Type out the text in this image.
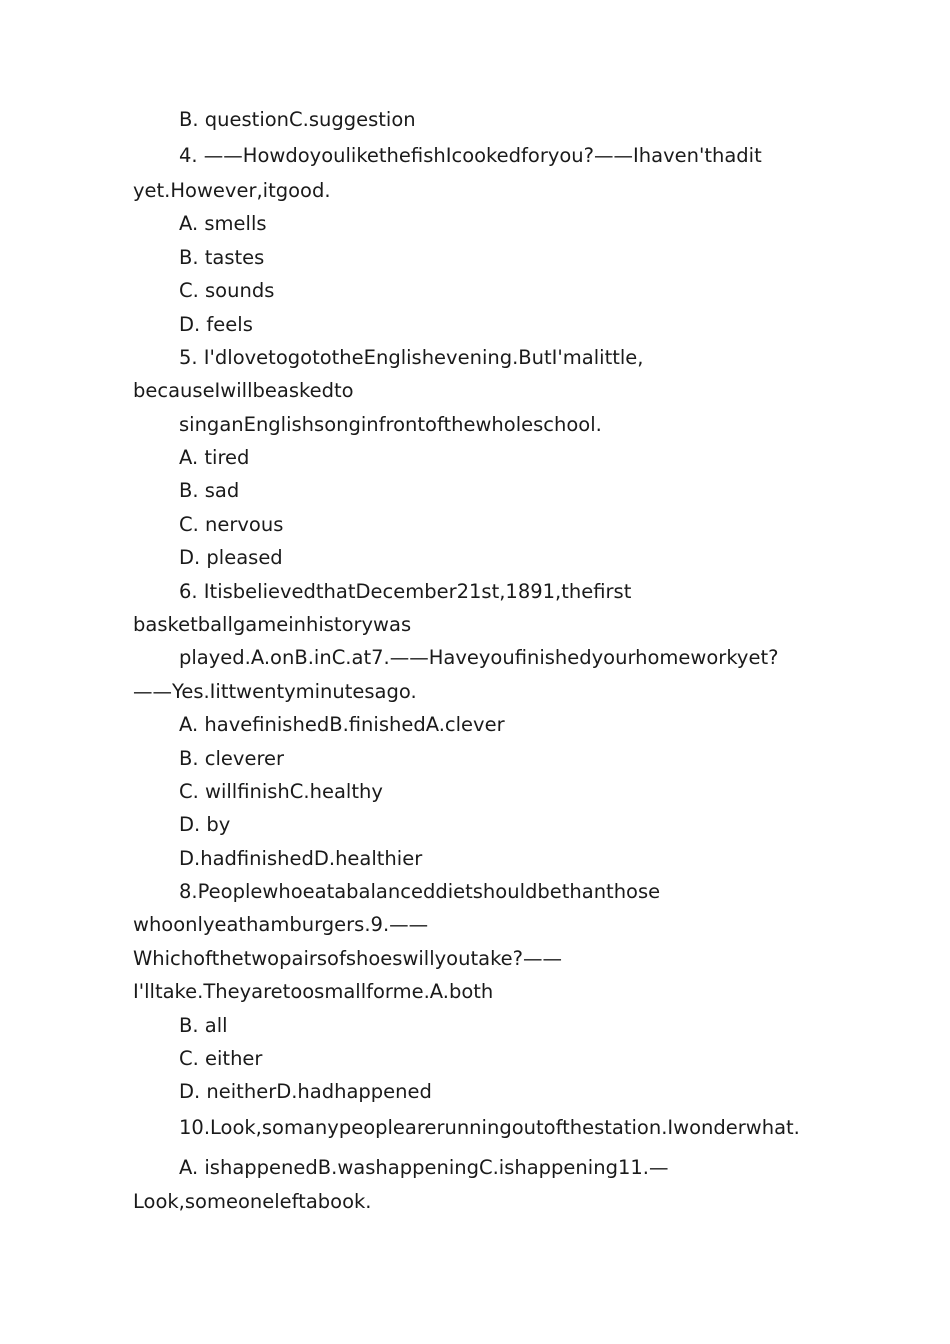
B. questionC.suggestion
4. ——HowdoyoulikethefishIcookedforyou?——Ihaven'thadit
yet.However,itgood.
A. smells
B. tastes
C. sounds
D. feels
5. I'dlovetogototheEnglishevening.ButI'malittle,
becauseIwillbeaskedto
singanEnglishsonginfrontofthewholeschool.
A. tired
B. sad
C. nervous
D. pleased
6. ItisbelievedthatDecember21st,1891,thefirst
basketballgameinhistorywas
played.A.onB.inC.at7.——Haveyoufinishedyourhomeworkyet?
——Yes.Iittwentyminutesago.
A. havefinishedB.finishedA.clever
B. cleverer
C. willfinishC.healthy
D. by
D.hadfinishedD.healthier
8.Peoplewhoeatabalanceddietshouldbethanthose
whoonlyeathamburgers.9.——
Whichofthetwopairsofshoeswillyoutake?——
I'lltake.Theyaretoosmallforme.A.both
B. all
C. either
D. neitherD.hadhappened
10.Look,somanypeoplearerunningoutofthestation.Iwonderwhat.
A. ishappenedB.washappeningC.ishappening11.—
Look,someoneleftabook.
